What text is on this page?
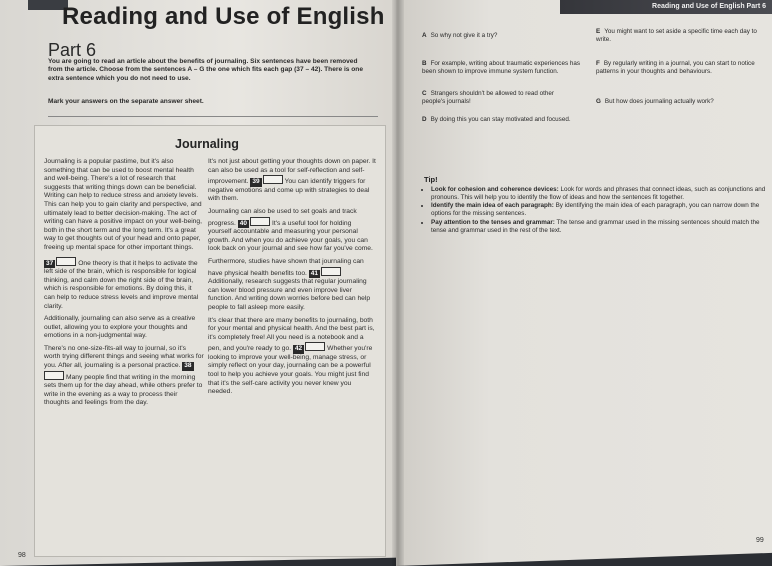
Reading and Use of English Part 6
Reading and Use of English
Part 6
You are going to read an article about the benefits of journaling. Six sentences have been removed from the article. Choose from the sentences A – G the one which fits each gap (37 – 42). There is one extra sentence which you do not need to use.
Mark your answers on the separate answer sheet.
Journaling

Journaling is a popular pastime, but it's also something that can be used to boost mental health and well-being. There's a lot of research that suggests that writing things down can be beneficial. Writing can help to reduce stress and anxiety levels. This can help you to gain clarity and perspective, and ultimately lead to better decision-making. The act of writing can have a positive impact on your well-being, both in the short term and the long term. It's a great way to get thoughts out of your head and onto paper, freeing up mental space for other important things.

37	One theory is that it helps to activate the left side of the brain, which is responsible for logical thinking, and calm down the right side of the brain, which is responsible for emotions. By doing this, it can help to reduce stress levels and improve mental clarity.

Additionally, journaling can also serve as a creative outlet, allowing you to explore your thoughts and emotions in a non-judgmental way.

There's no one-size-fits-all way to journal, so it's worth trying different things and seeing what works for you. After all, journaling is a personal practice. 38Many people find that writing in the morning sets them up for the day ahead, while others prefer to write in the evening as a way to process their thoughts and feelings from the day.

It's not just about getting your thoughts down on paper. It can also be used as a tool for self-reflection and self-improvement. 39	You can identify triggers for negative emotions and come up with strategies to deal with them.

Journaling can also be used to set goals and track progress. 40	It's a useful tool for holding yourself accountable and measuring your personal growth. And when you do achieve your goals, you can look back on your journal and see how far you've come.

Furthermore, studies have shown that journaling can have physical health benefits too. 41Additionally, research suggests that regular journaling can lower blood pressure and even improve liver function. And writing down worries before bed can help people to fall asleep more easily.

It's clear that there are many benefits to journaling, both for your mental and physical health. And the best part is, it's completely free! All you need is a notebook and a pen, and you're ready to go. 42	Whether you're looking to improve your well-being, manage stress, or simply reflect on your day, journaling can be a powerful tool to help you achieve your goals. You might just find that it's the self-care activity you never knew you needed.

A So why not give it a try?
B For example, writing about traumatic experiences has been shown to improve immune system function.
C Strangers shouldn't be allowed to read other people's journals!
D By doing this you can stay motivated and focused.
E You might want to set aside a specific time each day to write.
F By regularly writing in a journal, you can start to notice patterns in your thoughts and behaviours.
G But how does journaling actually work?
Tip!
• Look for cohesion and coherence devices: Look for words and phrases that connect ideas, such as conjunctions and pronouns. This will help you to identify the flow of ideas and how the sentences fit together.
• Identify the main idea of each paragraph: By identifying the main idea of each paragraph, you can narrow down the options for the missing sentences.
• Pay attention to the tenses and grammar: The tense and grammar used in the missing sentences should match the tense and grammar used in the rest of the text.
98
99
